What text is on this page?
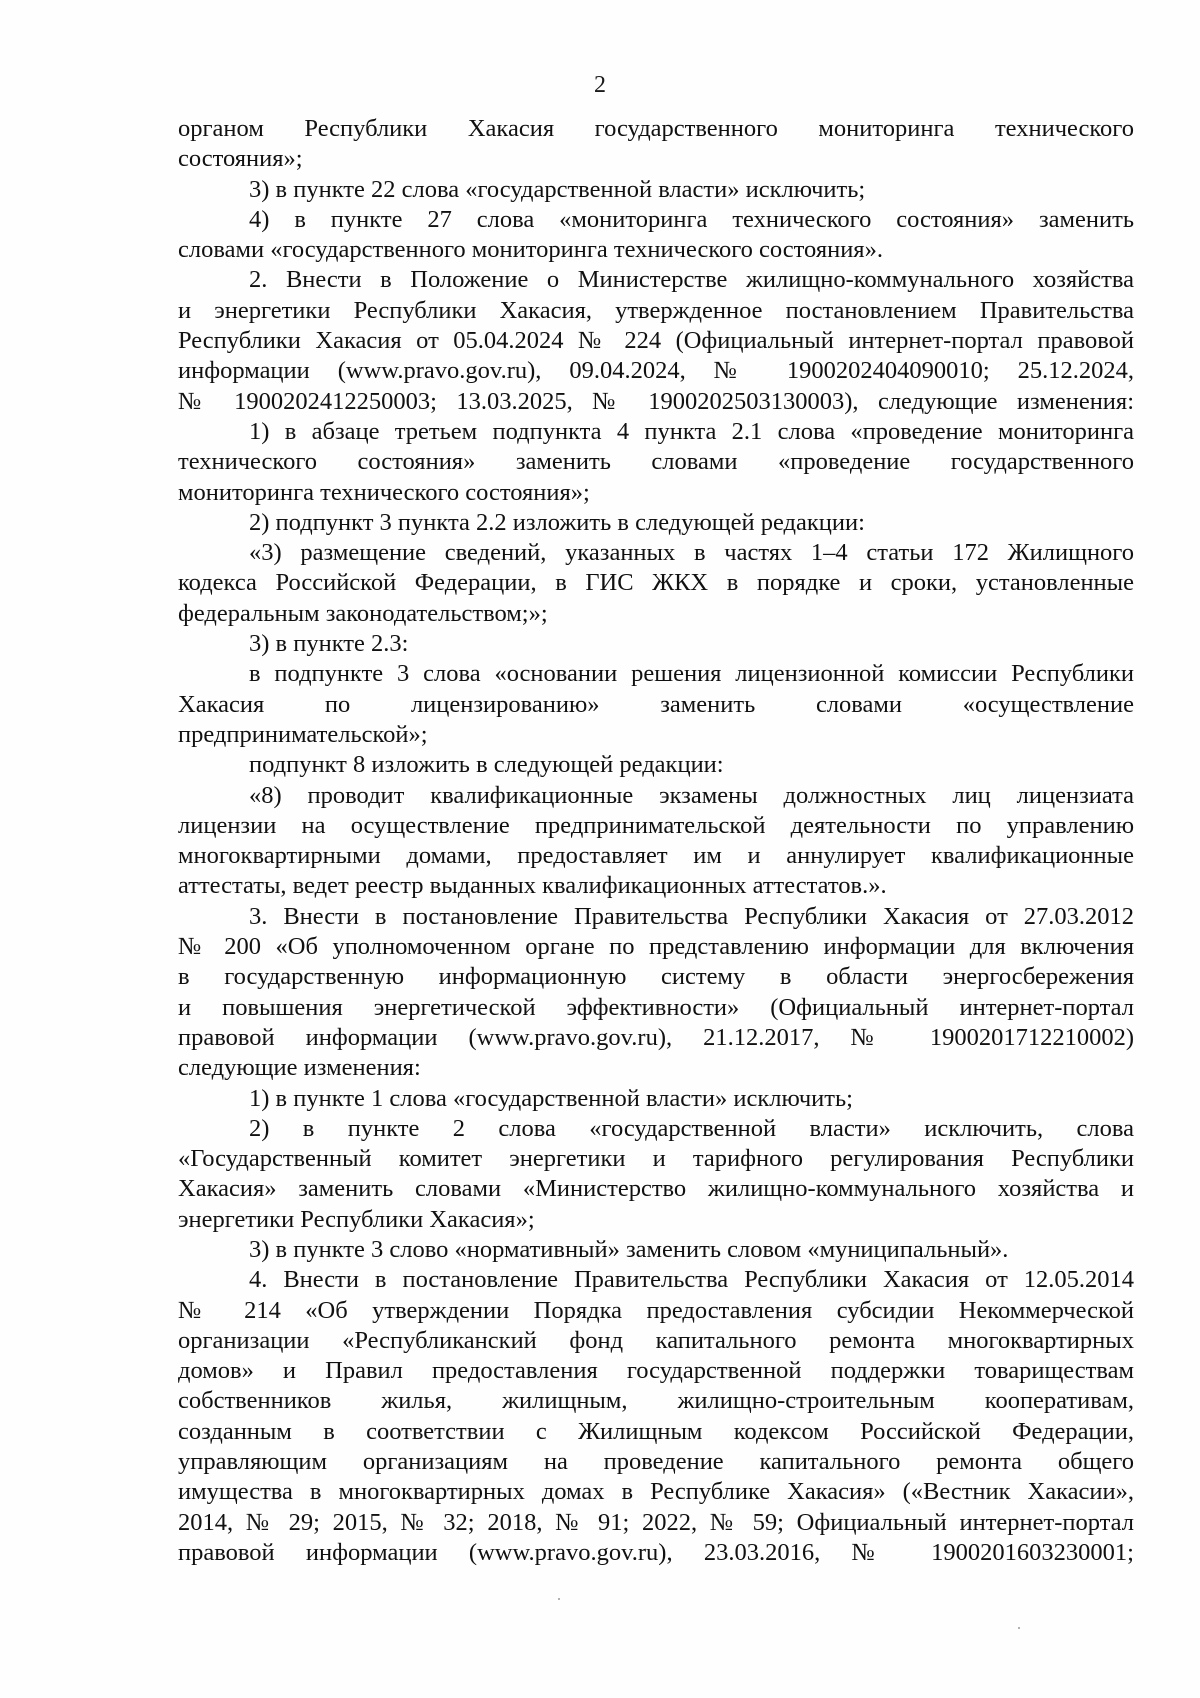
2
органом Республики Хакасия государственного мониторинга технического
состояния»;
3) в пункте 22 слова «государственной власти» исключить;
4) в пункте 27 слова «мониторинга технического состояния» заменить
словами «государственного мониторинга технического состояния».
2. Внести в Положение о Министерстве жилищно-коммунального хозяйства
и энергетики Республики Хакасия, утвержденное постановлением Правительства
Республики Хакасия от 05.04.2024 № 224 (Официальный интернет-портал правовой
информации (www.pravo.gov.ru), 09.04.2024, № 1900202404090010; 25.12.2024,
№ 1900202412250003; 13.03.2025, № 1900202503130003), следующие изменения:
1) в абзаце третьем подпункта 4 пункта 2.1 слова «проведение мониторинга
технического состояния» заменить словами «проведение государственного
мониторинга технического состояния»;
2) подпункт 3 пункта 2.2 изложить в следующей редакции:
«3) размещение сведений, указанных в частях 1–4 статьи 172 Жилищного
кодекса Российской Федерации, в ГИС ЖКХ в порядке и сроки, установленные
федеральным законодательством;»;
3) в пункте 2.3:
в подпункте 3 слова «основании решения лицензионной комиссии Республики
Хакасия по лицензированию» заменить словами «осуществление
предпринимательской»;
подпункт 8 изложить в следующей редакции:
«8) проводит квалификационные экзамены должностных лиц лицензиата
лицензии на осуществление предпринимательской деятельности по управлению
многоквартирными домами, предоставляет им и аннулирует квалификационные
аттестаты, ведет реестр выданных квалификационных аттестатов.».
3. Внести в постановление Правительства Республики Хакасия от 27.03.2012
№ 200 «Об уполномоченном органе по представлению информации для включения
в государственную информационную систему в области энергосбережения
и повышения энергетической эффективности» (Официальный интернет-портал
правовой информации (www.pravo.gov.ru), 21.12.2017, № 1900201712210002)
следующие изменения:
1) в пункте 1 слова «государственной власти» исключить;
2) в пункте 2 слова «государственной власти» исключить, слова
«Государственный комитет энергетики и тарифного регулирования Республики
Хакасия» заменить словами «Министерство жилищно-коммунального хозяйства и
энергетики Республики Хакасия»;
3) в пункте 3 слово «нормативный» заменить словом «муниципальный».
4. Внести в постановление Правительства Республики Хакасия от 12.05.2014
№ 214 «Об утверждении Порядка предоставления субсидии Некоммерческой
организации «Республиканский фонд капитального ремонта многоквартирных
домов» и Правил предоставления государственной поддержки товариществам
собственников жилья, жилищным, жилищно-строительным кооперативам,
созданным в соответствии с Жилищным кодексом Российской Федерации,
управляющим организациям на проведение капитального ремонта общего
имущества в многоквартирных домах в Республике Хакасия» («Вестник Хакасии»,
2014, № 29; 2015, № 32; 2018, № 91; 2022, № 59; Официальный интернет-портал
правовой информации (www.pravo.gov.ru), 23.03.2016, № 1900201603230001;
